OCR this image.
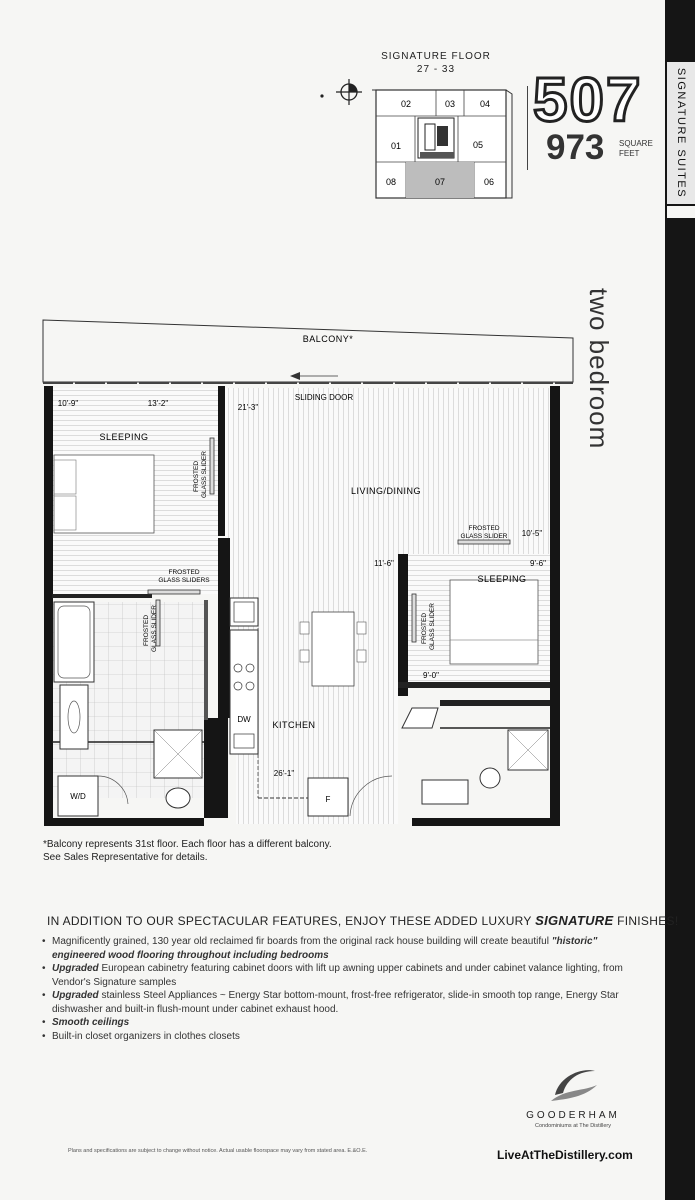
SIGNATURE SUITES
SIGNATURE FLOOR
27 - 33
02	03	04
01	05
08	07	06
507
973 SQUARE
FEET
two bedroom
BALCONY*
W/D
DW
F
SLEEPING
LIVING/DINING
SLEEPING
KITCHEN
SLIDING DOOR
10'-9"	13'-2"	21'-3"
10'-5"
9'-6"
11'-6"
9'-0"
26'-1"
FROSTED GLASS SLIDER
FROSTED
GLASS SLIDERS
FROSTED GLASS SLIDER	FROSTED GLASS SLIDER
FROSTED
GLASS SLIDER
*Balcony represents 31st floor. Each floor has a different balcony.
See Sales Representative for details.
IN ADDITION TO OUR SPECTACULAR FEATURES, ENJOY THESE ADDED LUXURY SIGNATURE FINISHES!
• Magnificently grained, 130 year old reclaimed fir boards from the original rack house building will create beautiful "historic" engineered wood flooring throughout including bedrooms
• Upgraded European cabinetry featuring cabinet doors with lift up awning upper cabinets and under cabinet valance lighting, from Vendor's Signature samples
• Upgraded stainless Steel Appliances ~ Energy Star bottom-mount, frost-free refrigerator, slide-in smooth top range, Energy Star dishwasher and built-in flush-mount under cabinet exhaust hood.
• Smooth ceilings
• Built-in closet organizers in clothes closets
GOODERHAM
Condominiums at The Distillery
LiveAtTheDistillery.com
Plans and specifications are subject to change without notice. Actual usable floorspace may vary from stated area. E.&O.E.
